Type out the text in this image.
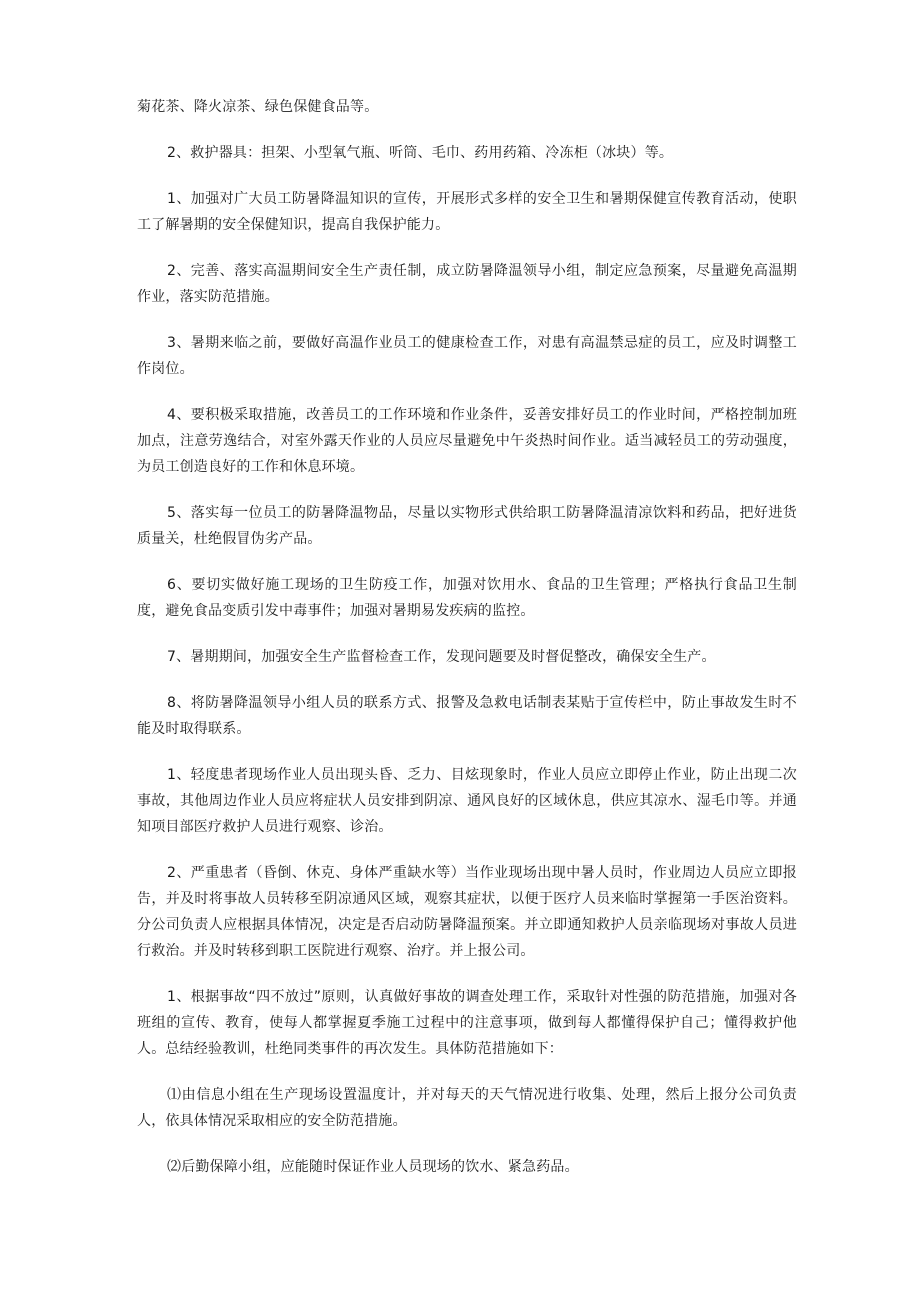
菊花茶、降火凉茶、绿色保健食品等。

2、救护器具：担架、小型氧气瓶、听筒、毛巾、药用药箱、冷冻柜（冰块）等。

1、加强对广大员工防暑降温知识的宣传，开展形式多样的安全卫生和暑期保健宣传教育活动，使职工了解暑期的安全保健知识，提高自我保护能力。

2、完善、落实高温期间安全生产责任制，成立防暑降温领导小组，制定应急预案，尽量避免高温期作业，落实防范措施。

3、暑期来临之前，要做好高温作业员工的健康检查工作，对患有高温禁忌症的员工，应及时调整工作岗位。

4、要积极采取措施，改善员工的工作环境和作业条件，妥善安排好员工的作业时间，严格控制加班加点，注意劳逸结合，对室外露天作业的人员应尽量避免中午炎热时间作业。适当减轻员工的劳动强度，为员工创造良好的工作和休息环境。

5、落实每一位员工的防暑降温物品，尽量以实物形式供给职工防暑降温清凉饮料和药品，把好进货质量关，杜绝假冒伪劣产品。

6、要切实做好施工现场的卫生防疫工作，加强对饮用水、食品的卫生管理；严格执行食品卫生制度，避免食品变质引发中毒事件；加强对暑期易发疾病的监控。

7、暑期期间，加强安全生产监督检查工作，发现问题要及时督促整改，确保安全生产。

8、将防暑降温领导小组人员的联系方式、报警及急救电话制表某贴于宣传栏中，防止事故发生时不能及时取得联系。

1、轻度患者现场作业人员出现头昏、乏力、目炫现象时，作业人员应立即停止作业，防止出现二次事故，其他周边作业人员应将症状人员安排到阴凉、通风良好的区域休息，供应其凉水、湿毛巾等。并通知项目部医疗救护人员进行观察、诊治。

2、严重患者（昏倒、休克、身体严重缺水等）当作业现场出现中暑人员时，作业周边人员应立即报告，并及时将事故人员转移至阴凉通风区域，观察其症状，以便于医疗人员来临时掌握第一手医治资料。分公司负责人应根据具体情况，决定是否启动防暑降温预案。并立即通知救护人员亲临现场对事故人员进行救治。并及时转移到职工医院进行观察、治疗。并上报公司。

1、根据事故“四不放过”原则，认真做好事故的调查处理工作，采取针对性强的防范措施，加强对各班组的宣传、教育，使每人都掌握夏季施工过程中的注意事项，做到每人都懂得保护自己；懂得救护他人。总结经验教训，杜绝同类事件的再次发生。具体防范措施如下：

⑴由信息小组在生产现场设置温度计，并对每天的天气情况进行收集、处理，然后上报分公司负责人，依具体情况采取相应的安全防范措施。

⑵后勤保障小组，应能随时保证作业人员现场的饮水、紧急药品。
